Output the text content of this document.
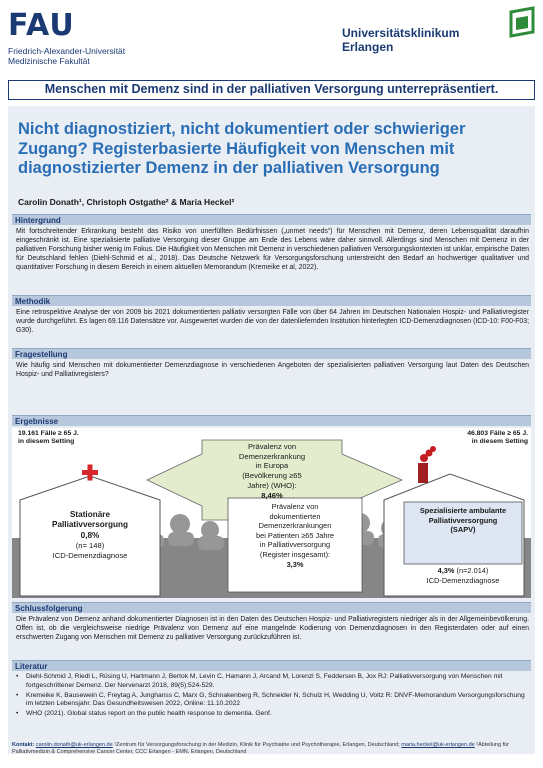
FAU
Friedrich-Alexander-Universität
Medizinische Fakultät
Universitätsklinikum
Erlangen
Menschen mit Demenz sind in der palliativen Versorgung unterrepräsentiert.
Nicht diagnostiziert, nicht dokumentiert oder schwieriger Zugang? Registerbasierte Häufigkeit von Menschen mit diagnostizierter Demenz in der palliativen Versorgung
Carolin Donath¹, Christoph Ostgathe² & Maria Heckel²
Hintergrund
Mit fortschreitender Erkrankung besteht das Risiko von unerfüllten Bedürfnissen („unmet needs“) für Menschen mit Demenz, deren Lebensqualität daraufhin eingeschränkt ist. Eine spezialisierte palliative Versorgung dieser Gruppe am Ende des Lebens wäre daher sinnvoll. Allerdings sind Menschen mit Demenz in der palliativen Forschung bisher wenig im Fokus. Die Häufigkeit von Menschen mit Demenz in verschiedenen palliativen Versorgungskontexten ist unklar, empirische Daten für Deutschland fehlen (Diehl-Schmid et al., 2018). Das Deutsche Netzwerk für Versorgungsforschung unterstreicht den Bedarf an hochwertiger qualitativer und quantitativer Forschung in diesem Bereich in einem aktuellen Memorandum (Kremeike et al, 2022).
Methodik
Eine retrospektive Analyse der von 2009 bis 2021 dokumentierten palliativ versorgten Fälle von über 64 Jahren im Deutschen Nationalen Hospiz- und Palliativregister wurde durchgeführt. Es lagen 69.116 Datensätze vor. Ausgewertet wurden die von der datenliefernden Institution hinterlegten ICD-Demenzdiagnosen (ICD-10: F00-F03; G30).
Fragestellung
Wie häufig sind Menschen mit dokumentierter Demenzdiagnose in verschiedenen Angeboten der spezialisierten palliativen Versorgung laut Daten des Deutschen Hospiz- und Palliativregisters?
Ergebnisse
19.161 Fälle ≥ 65 J.
in diesem Setting
46.803 Fälle ≥ 65 J.
in diesem Setting
Prävalenz von
Demenzerkrankung
in Europa
(Bevölkerung ≥65
Jahre) (WHO):
8,46%
Prävalenz von
dokumentierten
Demenzerkrankungen
bei Patienten ≥65 Jahre
in Palliativversorgung
(Register insgesamt):
3,3%
Stationäre
Palliativversorgung
0,8%
(n= 148)
ICD-Demenzdiagnose
Spezialisierte ambulante
Palliativversorgung
(SAPV)
4,3% (n=2.014)
ICD-Demenzdiagnose
Schlussfolgerung
Die Prävalenz von Demenz anhand dokumentierter Diagnosen ist in den Daten des Deutschen Hospiz- und Palliativregisters niedriger als in der Allgemeinbevölkerung. Offen ist, ob die vergleichsweise niedrige Prävalenz von Demenz auf eine mangelnde Kodierung von Demenzdiagnosen in den Registerdaten oder auf einen erschwerten Zugang von Menschen mit Demenz zu palliativer Versorgung zurückzuführen ist.
Literatur
• Diehl-Schmid J, Riedl L, Rüsing U, Hartmann J, Bertok M, Levin C, Hamann J, Arcand M, Lorenzl S, Feddersen B, Jox RJ: Palliativversorgung von Menschen mit fortgeschrittener Demenz. Der Nervenarzt 2018, 89(5):524-529.
• Kremeike K, Bausewein C, Freytag A, Junghanss C, Marx G, Schnakenberg R, Schneider N, Schulz H, Wedding U, Voltz R: DNVF-Memorandum Versorgungsforschung im letzten Lebensjahr. Das Gesundheitswesen 2022, Online: 11.10.2022
• WHO (2021). Global status report on the public health response to dementia. Genf.
Kontakt: carolin.donath@uk-erlangen.de ¹Zentrum für Versorgungsforschung in der Medizin, Klinik für Psychiatrie und Psychotherapie, Erlangen, Deutschland; maria.heckel@uk-erlangen.de ²Abteilung für Palliativmedizin & Comprehensive Cancer Center, CCC Erlangen - EMN, Erlangen, Deutschland
